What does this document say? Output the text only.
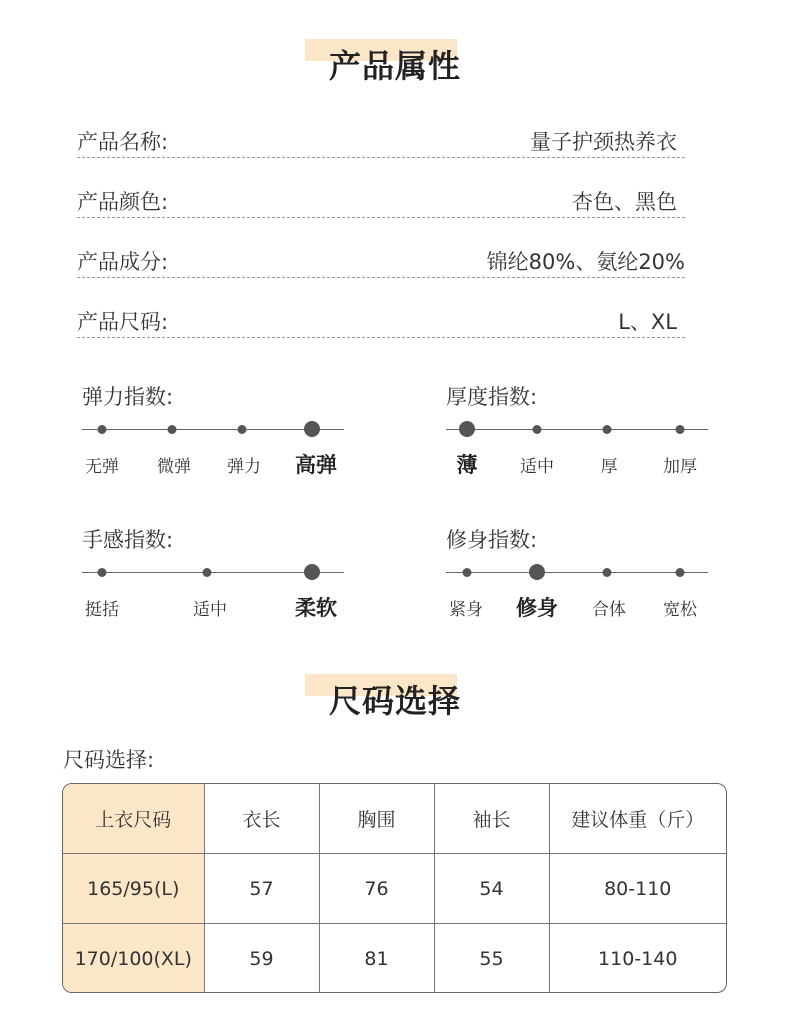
产品属性
产品名称:	量子护颈热养衣
产品颜色:	杏色、黑色
产品成分:	锦纶80%、氨纶20%
产品尺码:	L、XL
弹力指数:
无弹 微弹 弹力 高弹
厚度指数:
薄	适中	厚	加厚
手感指数:
挺括	适中	柔软
修身指数:
紧身 修身 合体 宽松
尺码选择
尺码选择:
上衣尺码	衣长	胸围	袖长	建议体重（斤）
165/95(L)	57	76	54	80-110
170/100(XL)	59	81	55	110-140
